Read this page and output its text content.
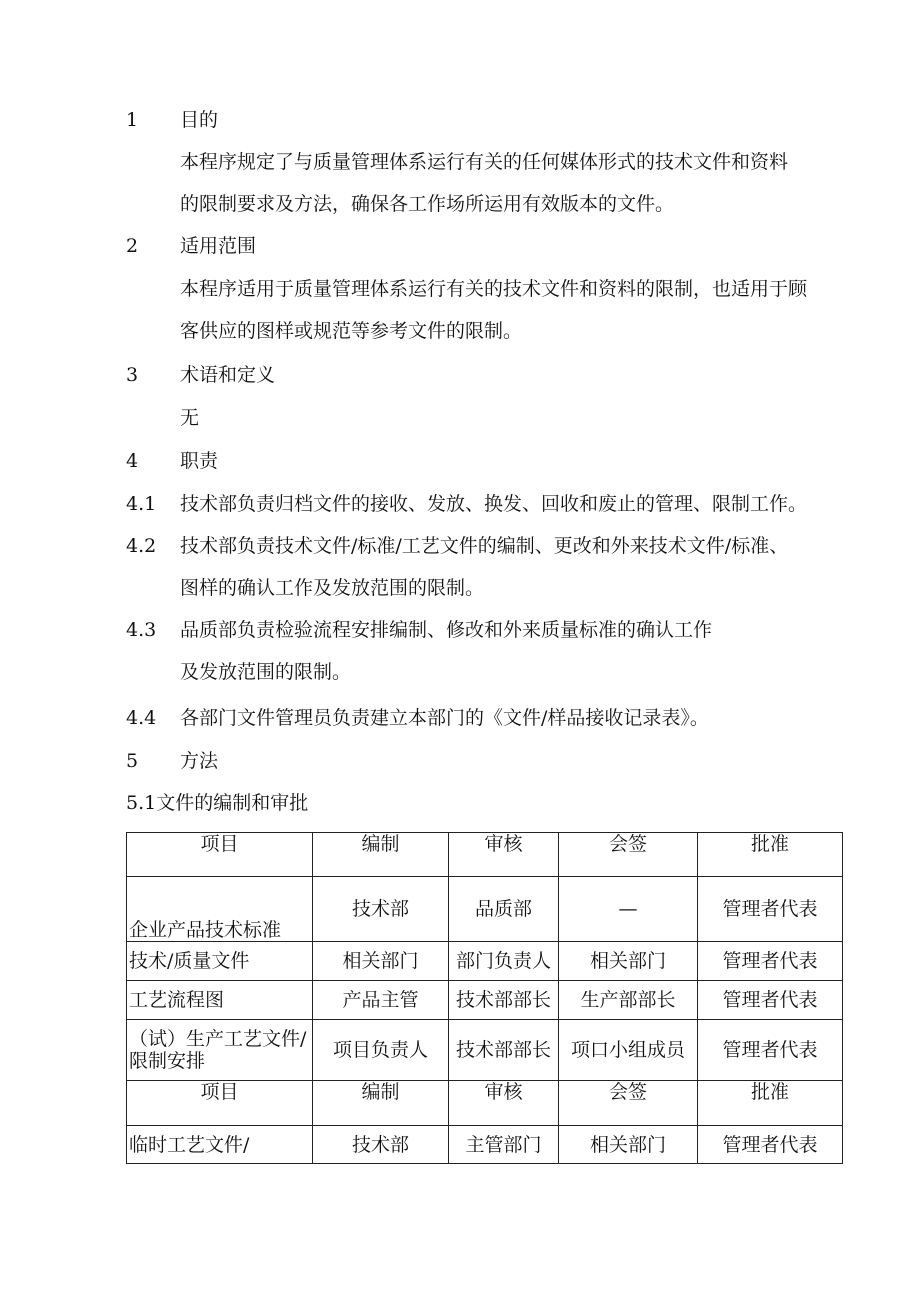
1 目的
本程序规定了与质量管理体系运行有关的任何媒体形式的技术文件和资料
的限制要求及方法，确保各工作场所运用有效版本的文件。
2 适用范围
本程序适用于质量管理体系运行有关的技术文件和资料的限制，也适用于顾
客供应的图样或规范等参考文件的限制。
3 术语和定义
无
4 职责
4.1 技术部负责归档文件的接收、发放、换发、回收和废止的管理、限制工作。
4.2 技术部负责技术文件/标准/工艺文件的编制、更改和外来技术文件/标准、
图样的确认工作及发放范围的限制。
4.3 品质部负责检验流程安排编制、修改和外来质量标准的确认工作
及发放范围的限制。
4.4 各部门文件管理员负责建立本部门的《文件/样品接收记录表》。
5 方法
5.1文件的编制和审批
项目	编制	审核	会签	批准
企业产品技术标准	技术部	品质部	—	管理者代表
技术/质量文件	相关部门	部门负责人	相关部门	管理者代表
工艺流程图	产品主管	技术部部长	生产部部长	管理者代表
（试）生产工艺文件/限制安排	项目负责人	技术部部长	项口小组成员	管理者代表
项目	编制	审核	会签	批准
临时工艺文件/	技术部	主管部门	相关部门	管理者代表
